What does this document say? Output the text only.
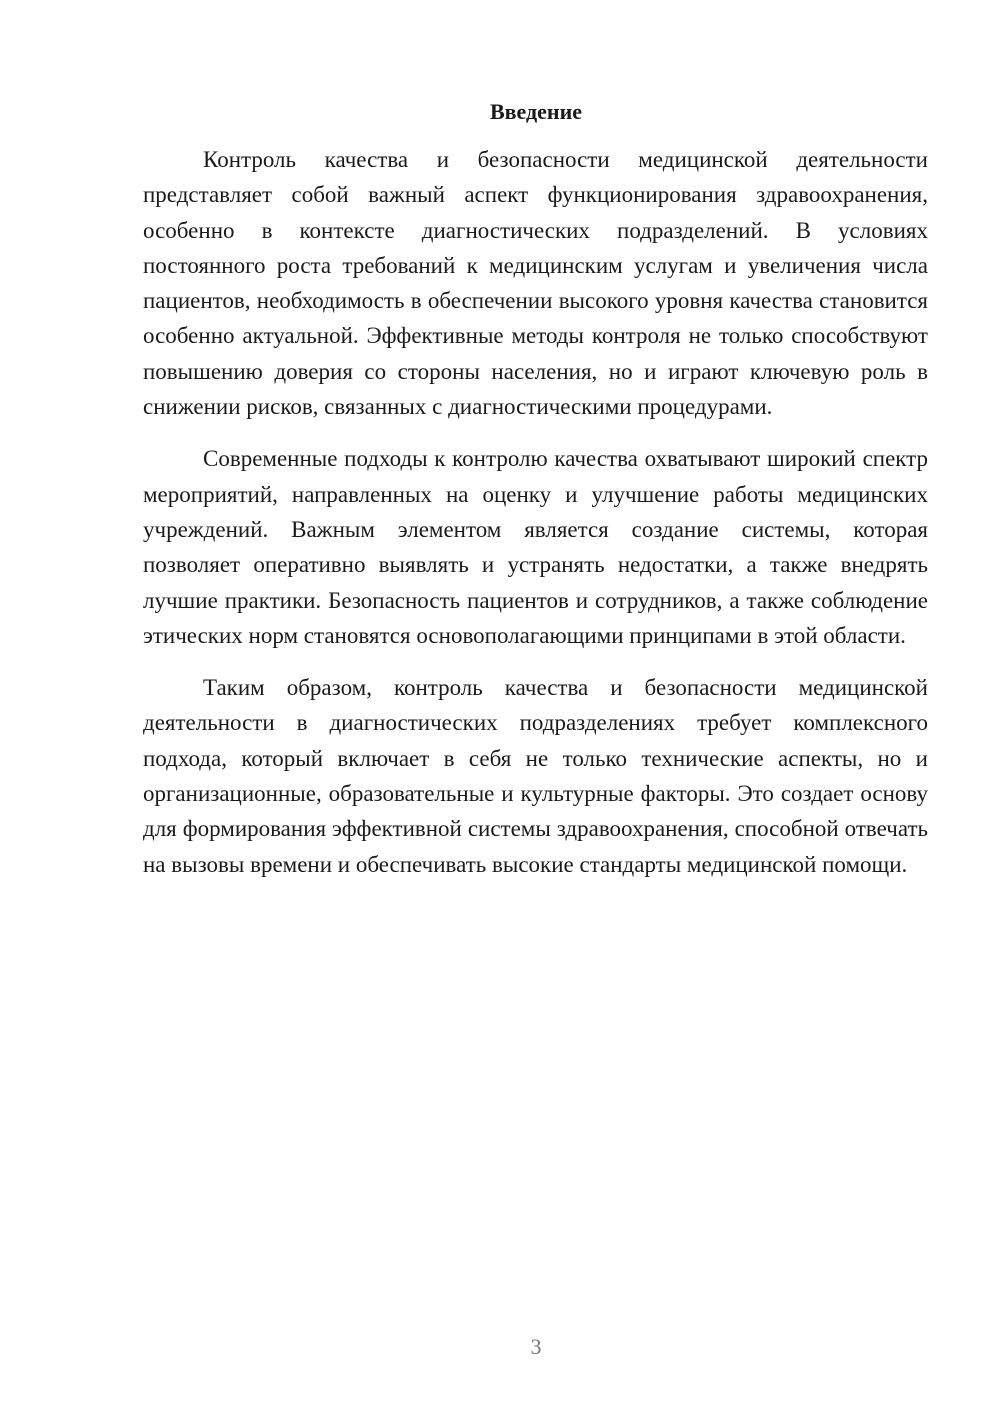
Введение

Контроль качества и безопасности медицинской деятельности представляет собой важный аспект функционирования здравоохранения, особенно в контексте диагностических подразделений. В условиях постоянного роста требований к медицинским услугам и увеличения числа пациентов, необходимость в обеспечении высокого уровня качества становится особенно актуальной. Эффективные методы контроля не только способствуют повышению доверия со стороны населения, но и играют ключевую роль в снижении рисков, связанных с диагностическими процедурами.

Современные подходы к контролю качества охватывают широкий спектр мероприятий, направленных на оценку и улучшение работы медицинских учреждений. Важным элементом является создание системы, которая позволяет оперативно выявлять и устранять недостатки, а также внедрять лучшие практики. Безопасность пациентов и сотрудников, а также соблюдение этических норм становятся основополагающими принципами в этой области.

Таким образом, контроль качества и безопасности медицинской деятельности в диагностических подразделениях требует комплексного подхода, который включает в себя не только технические аспекты, но и организационные, образовательные и культурные факторы. Это создает основу для формирования эффективной системы здравоохранения, способной отвечать на вызовы времени и обеспечивать высокие стандарты медицинской помощи.

3
